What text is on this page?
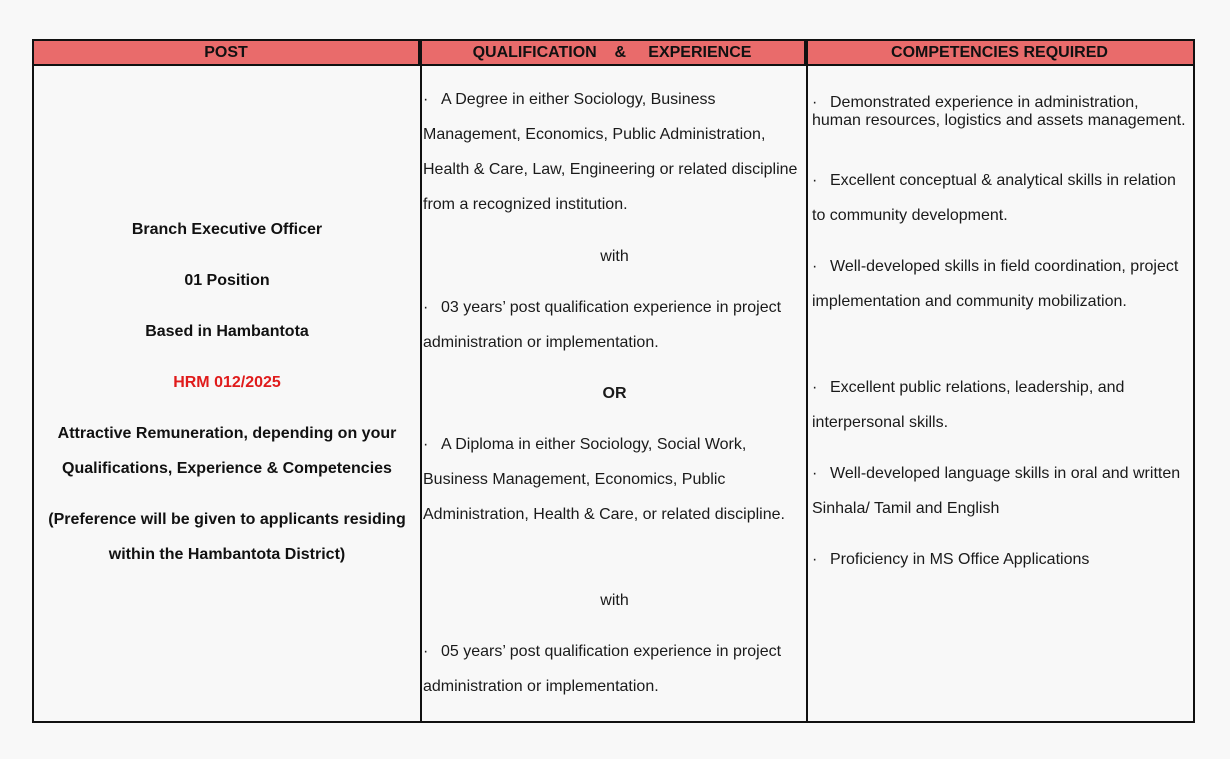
POST	QUALIFICATION    &     EXPERIENCE	COMPETENCIES REQUIRED
Branch Executive Officer
01 Position
Based in Hambantota
HRM 012/2025
Attractive Remuneration, depending on your
Qualifications, Experience & Competencies
(Preference will be given to applicants residing
within the Hambantota District)
· A Degree in either Sociology, Business Management, Economics, Public Administration, Health & Care, Law, Engineering or related discipline from a recognized institution.
with
· 03 years’ post qualification experience in project administration or implementation.
OR
· A Diploma in either Sociology, Social Work, Business Management, Economics, Public Administration, Health & Care, or related discipline.
with
· 05 years’ post qualification experience in project administration or implementation.
· Demonstrated experience in administration, human resources, logistics and assets management.
· Excellent conceptual & analytical skills in relation to community development.
· Well-developed skills in field coordination, project implementation and community mobilization.
· Excellent public relations, leadership, and interpersonal skills.
· Well-developed language skills in oral and written Sinhala/ Tamil and English
· Proficiency in MS Office Applications
